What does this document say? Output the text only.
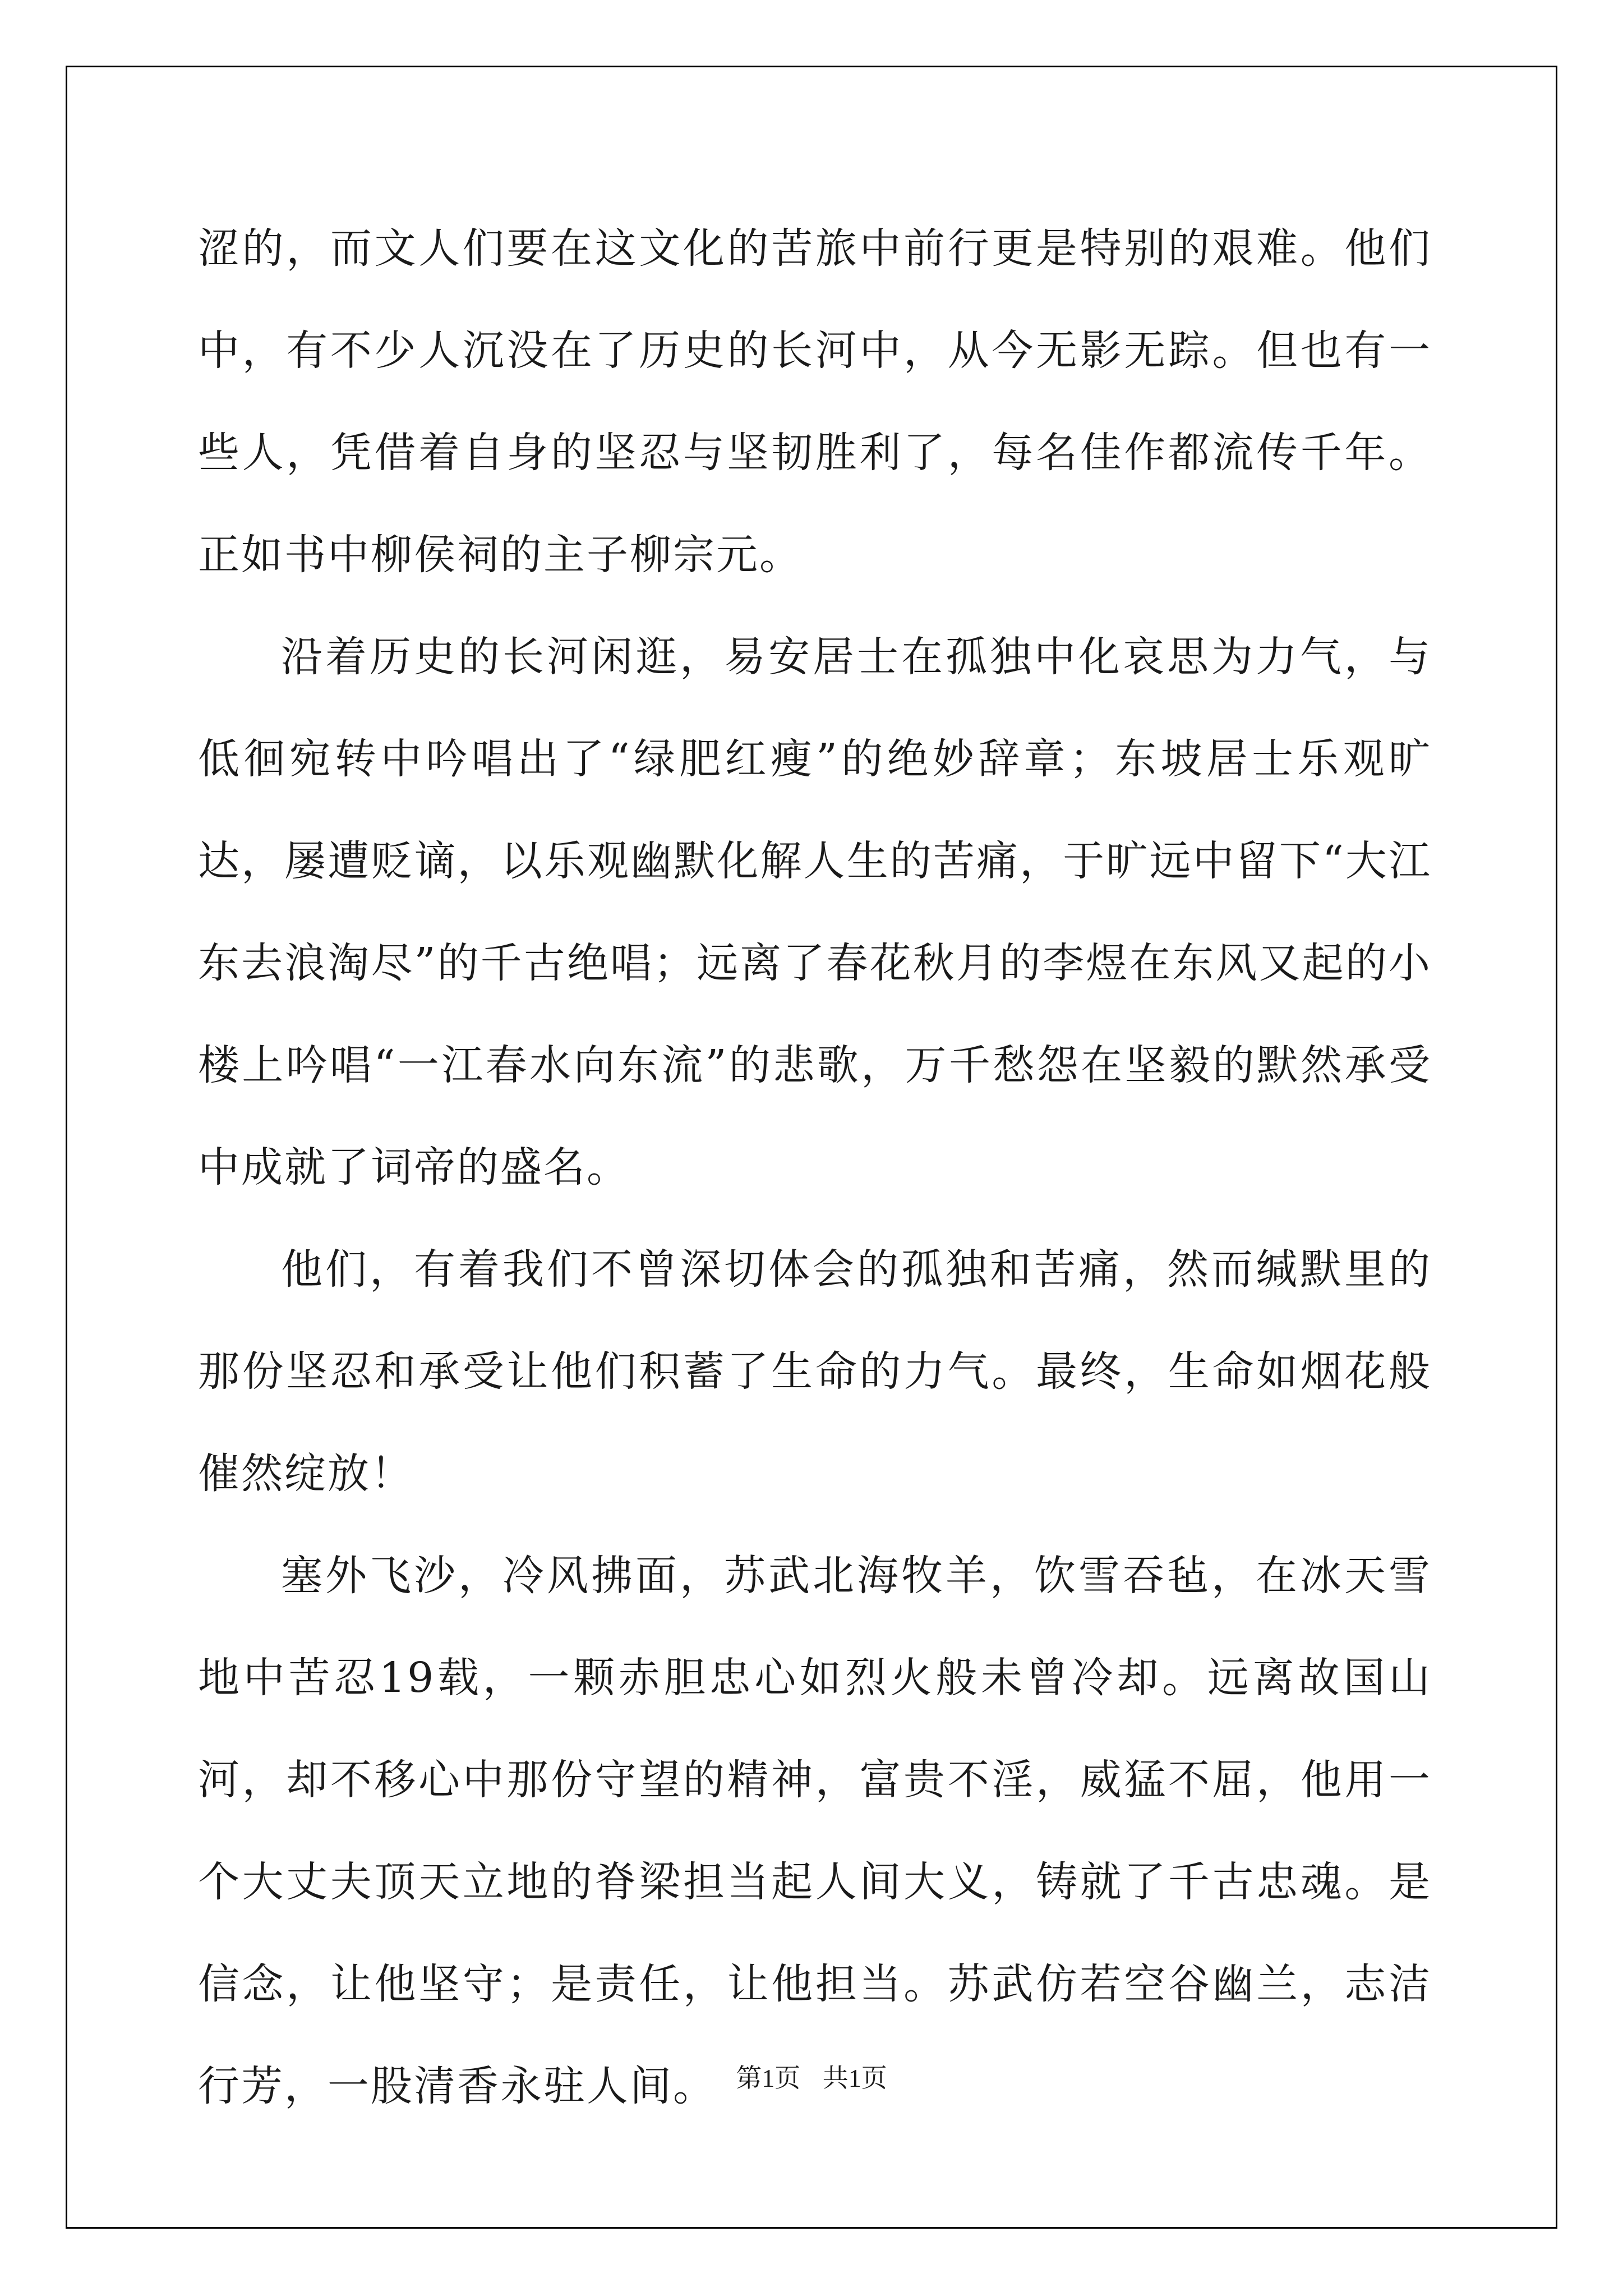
涩的，而文人们要在这文化的苦旅中前行更是特别的艰难。他们中，有不少人沉没在了历史的长河中，从今无影无踪。但也有一些人，凭借着自身的坚忍与坚韧胜利了，每名佳作都流传千年。正如书中柳侯祠的主子柳宗元。

沿着历史的长河闲逛，易安居士在孤独中化哀思为力气，与低徊宛转中吟唱出了“绿肥红瘦”的绝妙辞章；东坡居士乐观旷达，屡遭贬谪，以乐观幽默化解人生的苦痛，于旷远中留下“大江东去浪淘尽”的千古绝唱；远离了春花秋月的李煜在东风又起的小楼上吟唱“一江春水向东流”的悲歌，万千愁怨在坚毅的默然承受中成就了词帝的盛名。

他们，有着我们不曾深切体会的孤独和苦痛，然而缄默里的那份坚忍和承受让他们积蓄了生命的力气。最终，生命如烟花般催然绽放！

塞外飞沙，冷风拂面，苏武北海牧羊，饮雪吞毡，在冰天雪地中苦忍19载，一颗赤胆忠心如烈火般未曾冷却。远离故国山河，却不移心中那份守望的精神，富贵不淫，威猛不屈，他用一个大丈夫顶天立地的脊梁担当起人间大义，铸就了千古忠魂。是信念，让他坚守；是责任，让他担当。苏武仿若空谷幽兰，志洁行芳，一股清香永驻人间。 第1页 共1页
